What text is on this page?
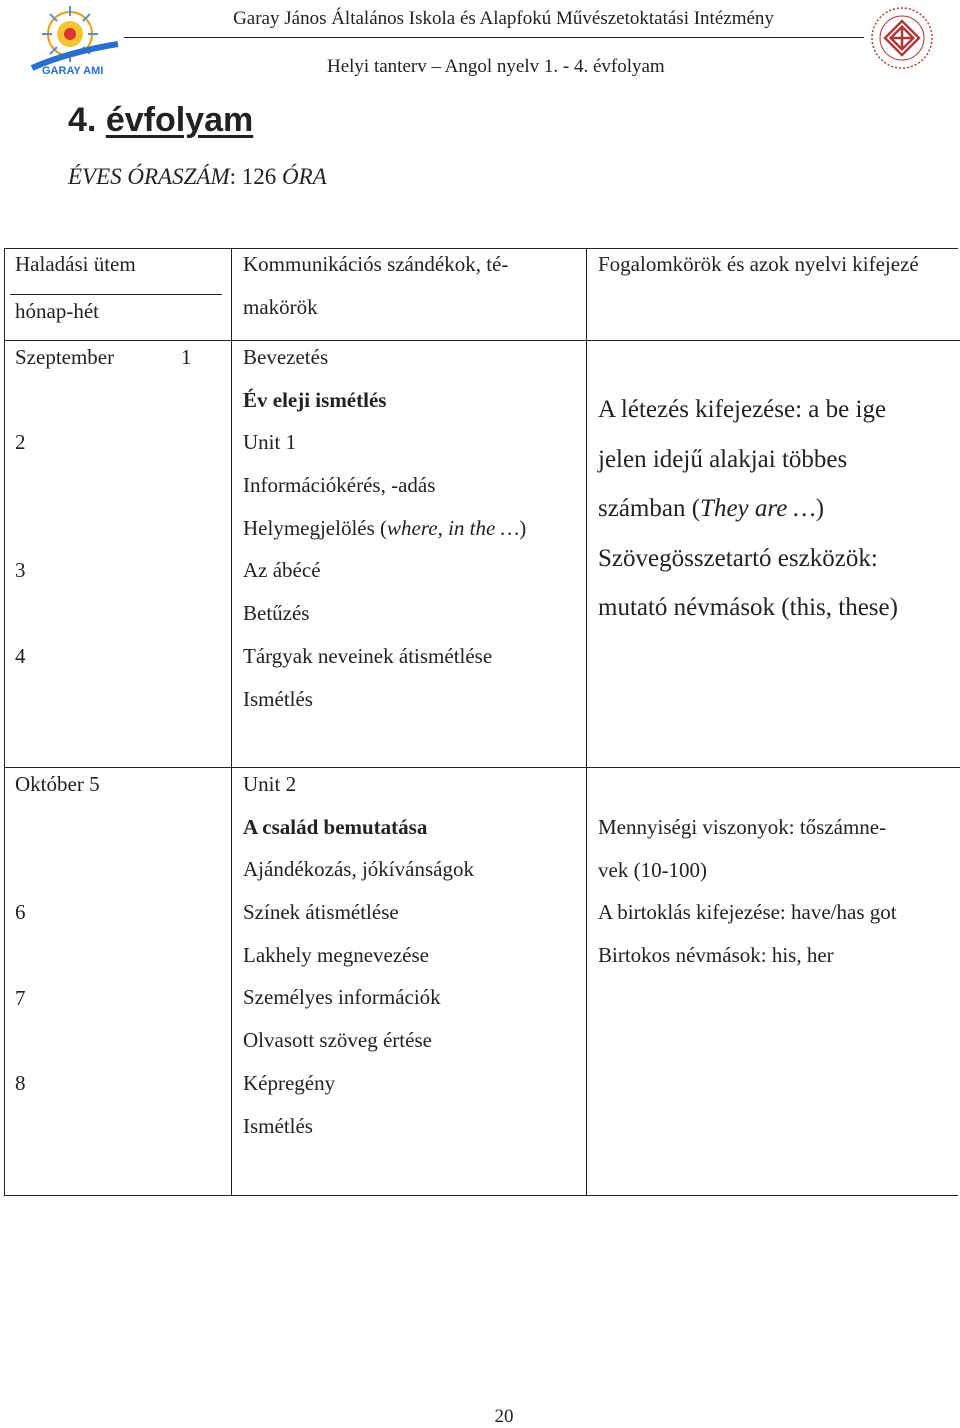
GARAY AMI
Garay János Általános Iskola és Alapfokú Művészetoktatási Intézmény
Helyi tanterv – Angol nyelv 1. - 4. évfolyam
4. évfolyam
ÉVES ÓRASZÁM: 126 ÓRA
Haladási ütem
hónap-hét
Kommunikációs szándékok, té-
makörök
Fogalomkörök és azok nyelvi kifejezé
Szeptember	1
2
3
4
Bevezetés
Év eleji ismétlés
Unit 1
Információkérés, -adás
Helymegjelölés (where, in the …)
Az ábécé
Betűzés
Tárgyak neveinek átismétlése
Ismétlés
A létezés kifejezése: a be ige
jelen idejű alakjai többes
számban (They are …)
Szövegösszetartó eszközök:
mutató névmások (this, these)
Október 5
6
7
8
Unit 2
A család bemutatása
Ajándékozás, jókívánságok
Színek átismétlése
Lakhely megnevezése
Személyes információk
Olvasott szöveg értése
Képregény
Ismétlés
Mennyiségi viszonyok: tőszámne-
vek (10-100)
A birtoklás kifejezése: have/has got
Birtokos névmások: his, her
20
